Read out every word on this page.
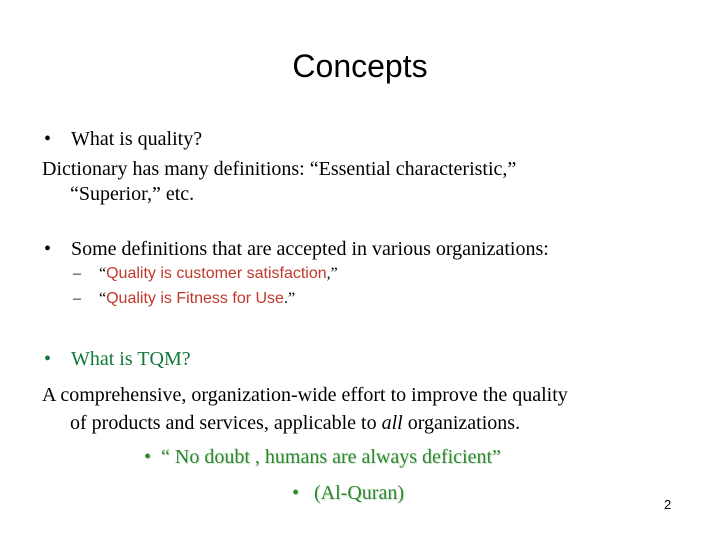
Concepts
• What is quality?
Dictionary has many definitions: “Essential characteristic,”
“Superior,” etc.
• Some definitions that are accepted in various organizations:
– “Quality is customer satisfaction,”
– “Quality is Fitness for Use.”
• What is TQM?
A comprehensive, organization-wide effort to improve the quality
of products and services, applicable to all organizations.
• “ No doubt , humans are always deficient”
• (Al-Quran)
2
